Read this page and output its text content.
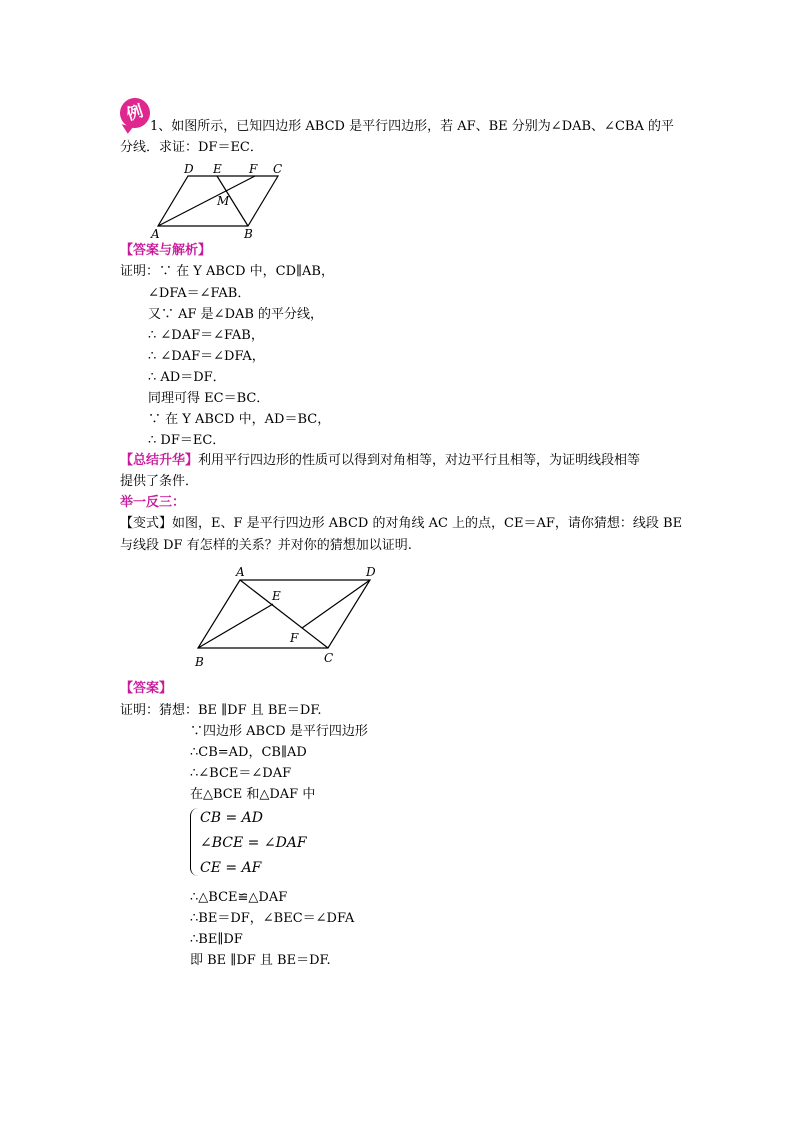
例
1、如图所示，已知四边形 ABCD 是平行四边形，若 AF、BE 分别为∠DAB、∠CBA 的平
分线．求证：DF＝EC．
D E F C
M
A	B
【答案与解析】
证明：∵ 在 Y ABCD 中，CD∥AB，
∠DFA＝∠FAB．
又∵ AF 是∠DAB 的平分线，
∴ ∠DAF＝∠FAB，
∴ ∠DAF＝∠DFA，
∴ AD＝DF．
同理可得 EC＝BC．
∵ 在 Y ABCD 中，AD＝BC，
∴ DF＝EC．
【总结升华】利用平行四边形的性质可以得到对角相等，对边平行且相等，为证明线段相等
提供了条件．
举一反三：
【变式】如图，E、F 是平行四边形 ABCD 的对角线 AC 上的点，CE＝AF，请你猜想：线段 BE
与线段 DF 有怎样的关系？并对你的猜想加以证明.
A	D
E
F
B	C
【答案】
证明：猜想：BE ∥DF 且 BE＝DF.
∵四边形 ABCD 是平行四边形
∴CB=AD，CB∥AD
∴∠BCE＝∠DAF
在△BCE 和△DAF 中
CB = AD
∠BCE = ∠DAF
CE = AF
∴△BCE≌△DAF
∴BE＝DF，∠BEC＝∠DFA
∴BE∥DF
即 BE ∥DF 且 BE＝DF.
